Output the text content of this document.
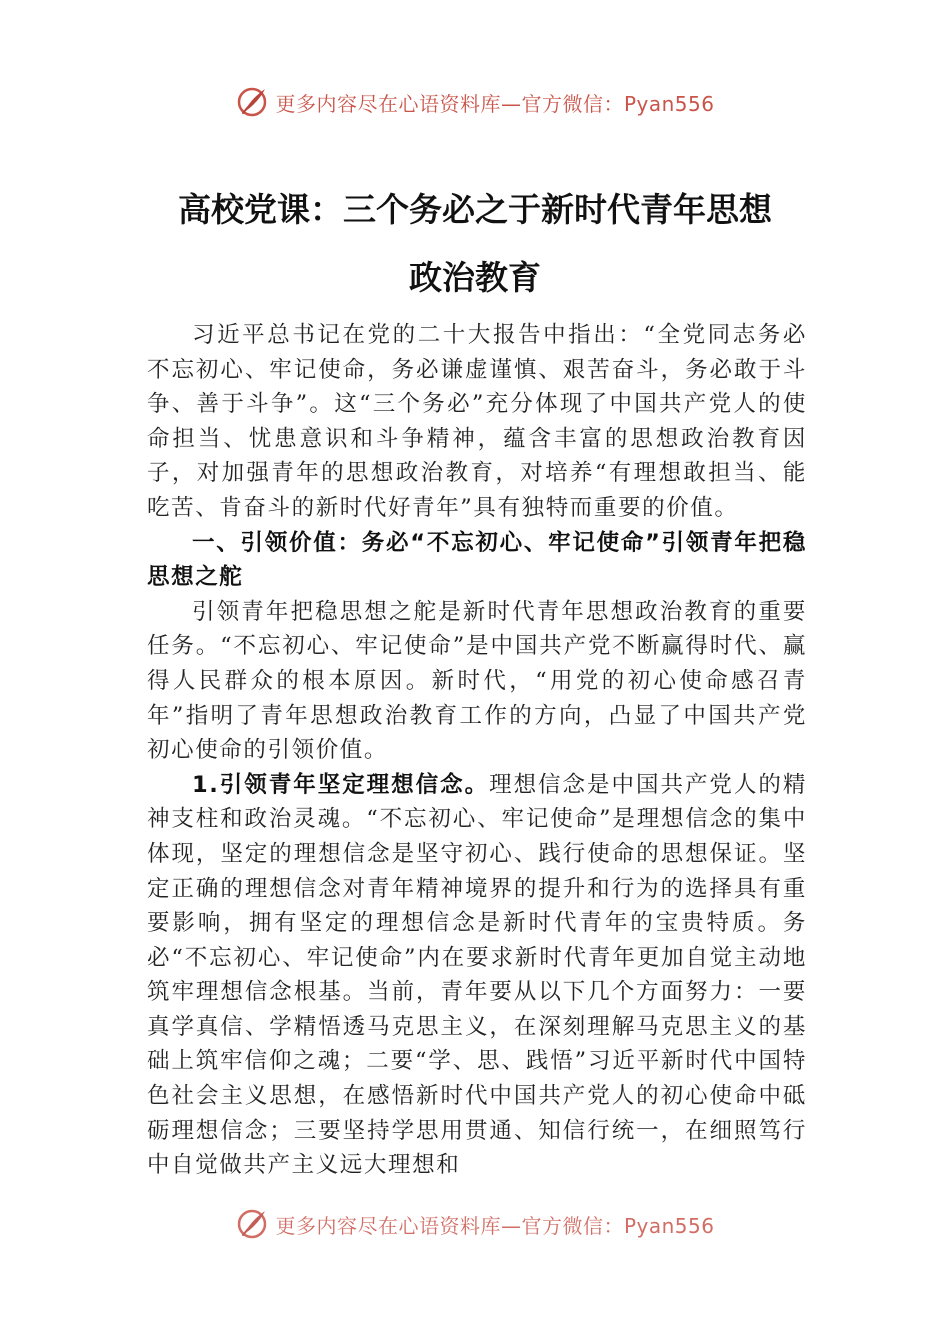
更多内容尽在心语资料库—官方微信：Pyan556
高校党课：三个务必之于新时代青年思想
政治教育

习近平总书记在党的二十大报告中指出：“全党同志务必不忘初心、牢记使命，务必谦虚谨慎、艰苦奋斗，务必敢于斗争、善于斗争”。这“三个务必”充分体现了中国共产党人的使命担当、忧患意识和斗争精神，蕴含丰富的思想政治教育因子，对加强青年的思想政治教育，对培养“有理想敢担当、能吃苦、肯奋斗的新时代好青年”具有独特而重要的价值。

一、引领价值：务必“不忘初心、牢记使命”引领青年把稳思想之舵

引领青年把稳思想之舵是新时代青年思想政治教育的重要任务。“不忘初心、牢记使命”是中国共产党不断赢得时代、赢得人民群众的根本原因。新时代，“用党的初心使命感召青年”指明了青年思想政治教育工作的方向，凸显了中国共产党初心使命的引领价值。

1.引领青年坚定理想信念。理想信念是中国共产党人的精神支柱和政治灵魂。“不忘初心、牢记使命”是理想信念的集中体现，坚定的理想信念是坚守初心、践行使命的思想保证。坚定正确的理想信念对青年精神境界的提升和行为的选择具有重要影响，拥有坚定的理想信念是新时代青年的宝贵特质。务必“不忘初心、牢记使命”内在要求新时代青年更加自觉主动地筑牢理想信念根基。当前，青年要从以下几个方面努力：一要真学真信、学精悟透马克思主义，在深刻理解马克思主义的基础上筑牢信仰之魂；二要“学、思、践悟”习近平新时代中国特色社会主义思想，在感悟新时代中国共产党人的初心使命中砥砺理想信念；三要坚持学思用贯通、知信行统一，在细照笃行中自觉做共产主义远大理想和

更多内容尽在心语资料库—官方微信：Pyan556
